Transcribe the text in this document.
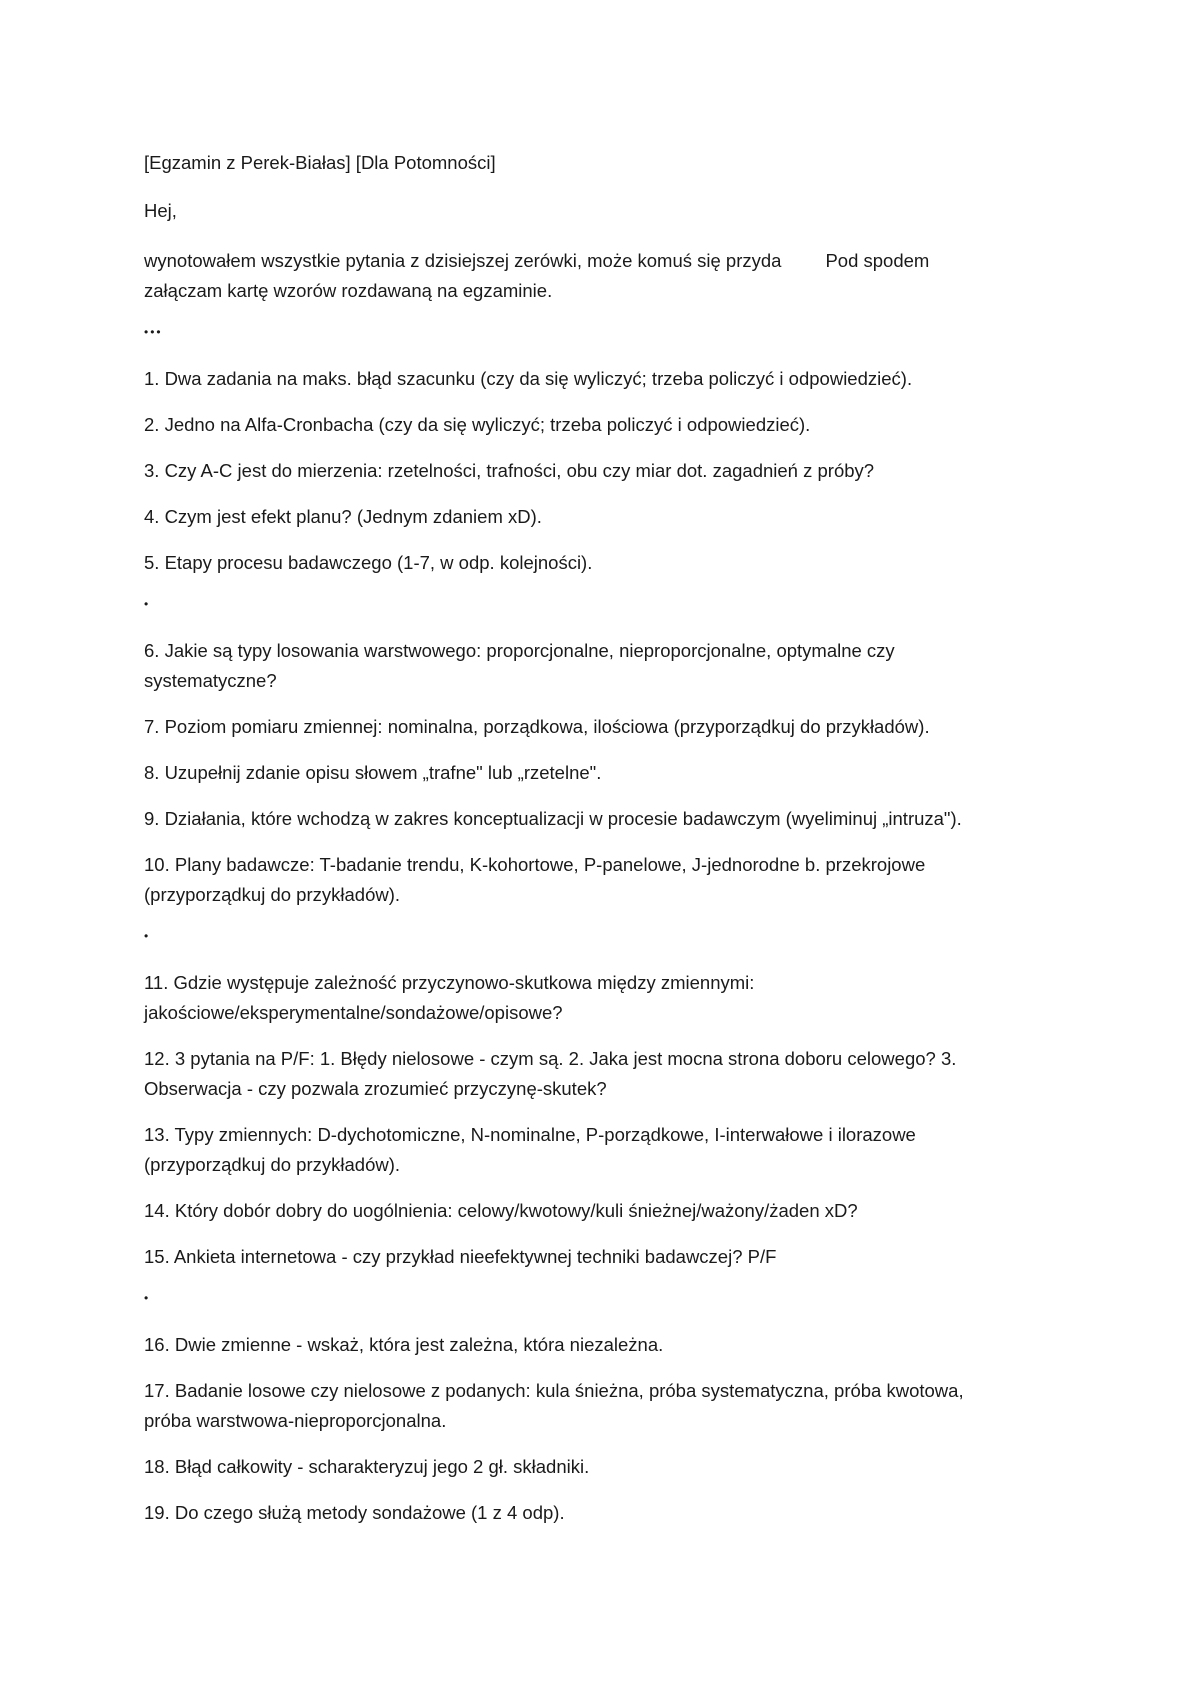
[Egzamin z Perek-Białas] [Dla Potomności]

Hej,

wynotowałem wszystkie pytania z dzisiejszej zerówki, może komuś się przyda Pod spodem
załączam kartę wzorów rozdawaną na egzaminie.

•••

1. Dwa zadania na maks. błąd szacunku (czy da się wyliczyć; trzeba policzyć i odpowiedzieć).

2. Jedno na Alfa-Cronbacha (czy da się wyliczyć; trzeba policzyć i odpowiedzieć).

3. Czy A-C jest do mierzenia: rzetelności, trafności, obu czy miar dot. zagadnień z próby?

4. Czym jest efekt planu? (Jednym zdaniem xD).

5. Etapy procesu badawczego (1-7, w odp. kolejności).

•

6. Jakie są typy losowania warstwowego: proporcjonalne, nieproporcjonalne, optymalne czy systematyczne?

7. Poziom pomiaru zmiennej: nominalna, porządkowa, ilościowa (przyporządkuj do przykładów).

8. Uzupełnij zdanie opisu słowem „trafne" lub „rzetelne".

9. Działania, które wchodzą w zakres konceptualizacji w procesie badawczym (wyeliminuj „intruza").

10. Plany badawcze: T-badanie trendu, K-kohortowe, P-panelowe, J-jednorodne b. przekrojowe (przyporządkuj do przykładów).

•

11. Gdzie występuje zależność przyczynowo-skutkowa między zmiennymi: jakościowe/eksperymentalne/sondażowe/opisowe?

12. 3 pytania na P/F: 1. Błędy nielosowe - czym są. 2. Jaka jest mocna strona doboru celowego? 3. Obserwacja - czy pozwala zrozumieć przyczynę-skutek?

13. Typy zmiennych: D-dychotomiczne, N-nominalne, P-porządkowe, I-interwałowe i ilorazowe (przyporządkuj do przykładów).

14. Który dobór dobry do uogólnienia: celowy/kwotowy/kuli śnieżnej/ważony/żaden xD?

15. Ankieta internetowa - czy przykład nieefektywnej techniki badawczej? P/F

•

16. Dwie zmienne - wskaż, która jest zależna, która niezależna.

17. Badanie losowe czy nielosowe z podanych: kula śnieżna, próba systematyczna, próba kwotowa, próba warstwowa-nieproporcjonalna.

18. Błąd całkowity - scharakteryzuj jego 2 gł. składniki.

19. Do czego służą metody sondażowe (1 z 4 odp).
